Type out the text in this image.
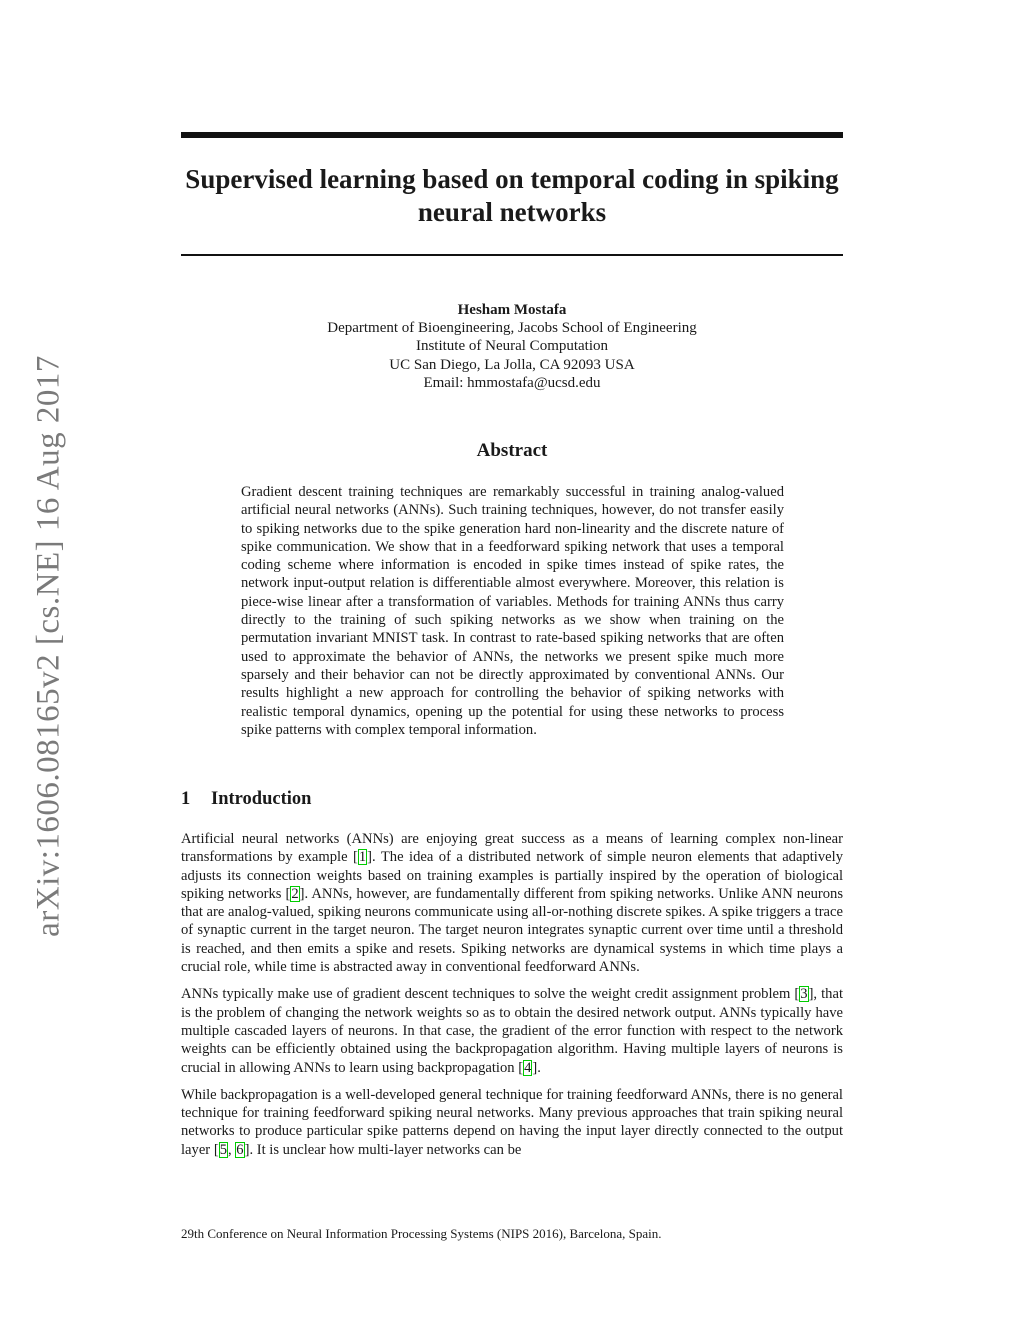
arXiv:1606.08165v2 [cs.NE] 16 Aug 2017
Supervised learning based on temporal coding in spiking neural networks
Hesham Mostafa
Department of Bioengineering, Jacobs School of Engineering
Institute of Neural Computation
UC San Diego, La Jolla, CA 92093 USA
Email: hmmostafa@ucsd.edu
Abstract
Gradient descent training techniques are remarkably successful in training analog-valued artificial neural networks (ANNs). Such training techniques, however, do not transfer easily to spiking networks due to the spike generation hard non-linearity and the discrete nature of spike communication. We show that in a feedforward spiking network that uses a temporal coding scheme where information is encoded in spike times instead of spike rates, the network input-output relation is differentiable almost everywhere. Moreover, this relation is piece-wise linear after a transformation of variables. Methods for training ANNs thus carry directly to the training of such spiking networks as we show when training on the permutation invariant MNIST task. In contrast to rate-based spiking networks that are often used to approximate the behavior of ANNs, the networks we present spike much more sparsely and their behavior can not be directly approximated by conventional ANNs. Our results highlight a new approach for controlling the behavior of spiking networks with realistic temporal dynamics, opening up the potential for using these networks to process spike patterns with complex temporal information.
1 Introduction

Artificial neural networks (ANNs) are enjoying great success as a means of learning complex non-linear transformations by example [1]. The idea of a distributed network of simple neuron elements that adaptively adjusts its connection weights based on training examples is partially inspired by the operation of biological spiking networks [2]. ANNs, however, are fundamentally different from spiking networks. Unlike ANN neurons that are analog-valued, spiking neurons communicate using all-or-nothing discrete spikes. A spike triggers a trace of synaptic current in the target neuron. The target neuron integrates synaptic current over time until a threshold is reached, and then emits a spike and resets. Spiking networks are dynamical systems in which time plays a crucial role, while time is abstracted away in conventional feedforward ANNs.

ANNs typically make use of gradient descent techniques to solve the weight credit assignment problem [3], that is the problem of changing the network weights so as to obtain the desired network output. ANNs typically have multiple cascaded layers of neurons. In that case, the gradient of the error function with respect to the network weights can be efficiently obtained using the backpropagation algorithm. Having multiple layers of neurons is crucial in allowing ANNs to learn using backpropagation [4].

While backpropagation is a well-developed general technique for training feedforward ANNs, there is no general technique for training feedforward spiking neural networks. Many previous approaches that train spiking neural networks to produce particular spike patterns depend on having the input layer directly connected to the output layer [5, 6]. It is unclear how multi-layer networks can be

29th Conference on Neural Information Processing Systems (NIPS 2016), Barcelona, Spain.
